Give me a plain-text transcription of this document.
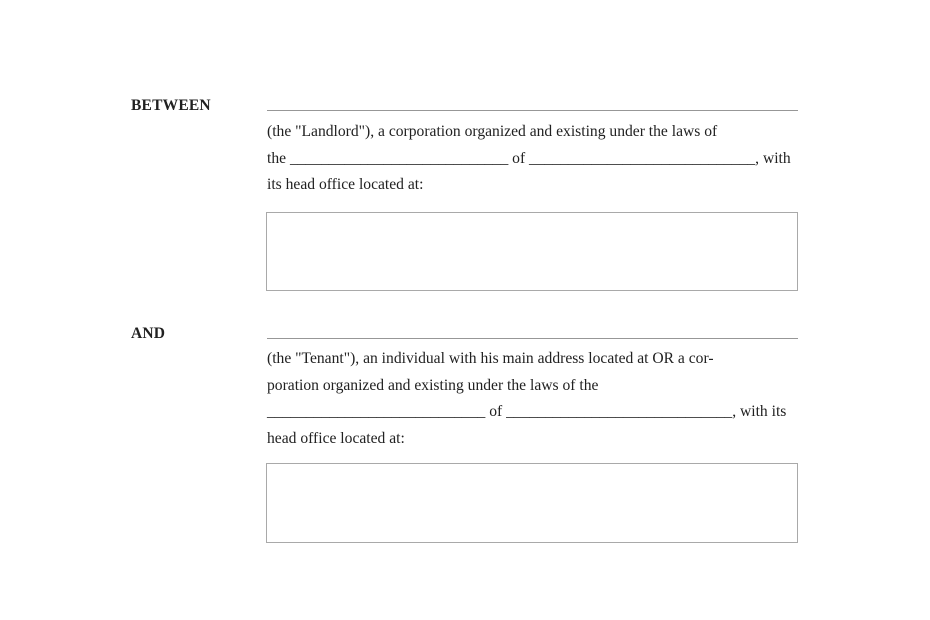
BETWEEN
(the "Landlord"), a corporation organized and existing under the laws of
the ____________________________ of _____________________________, with
its head office located at:
AND
(the "Tenant"), an individual with his main address located at OR a cor-
poration organized and existing under the laws of the
____________________________ of _____________________________, with its
head office located at:
